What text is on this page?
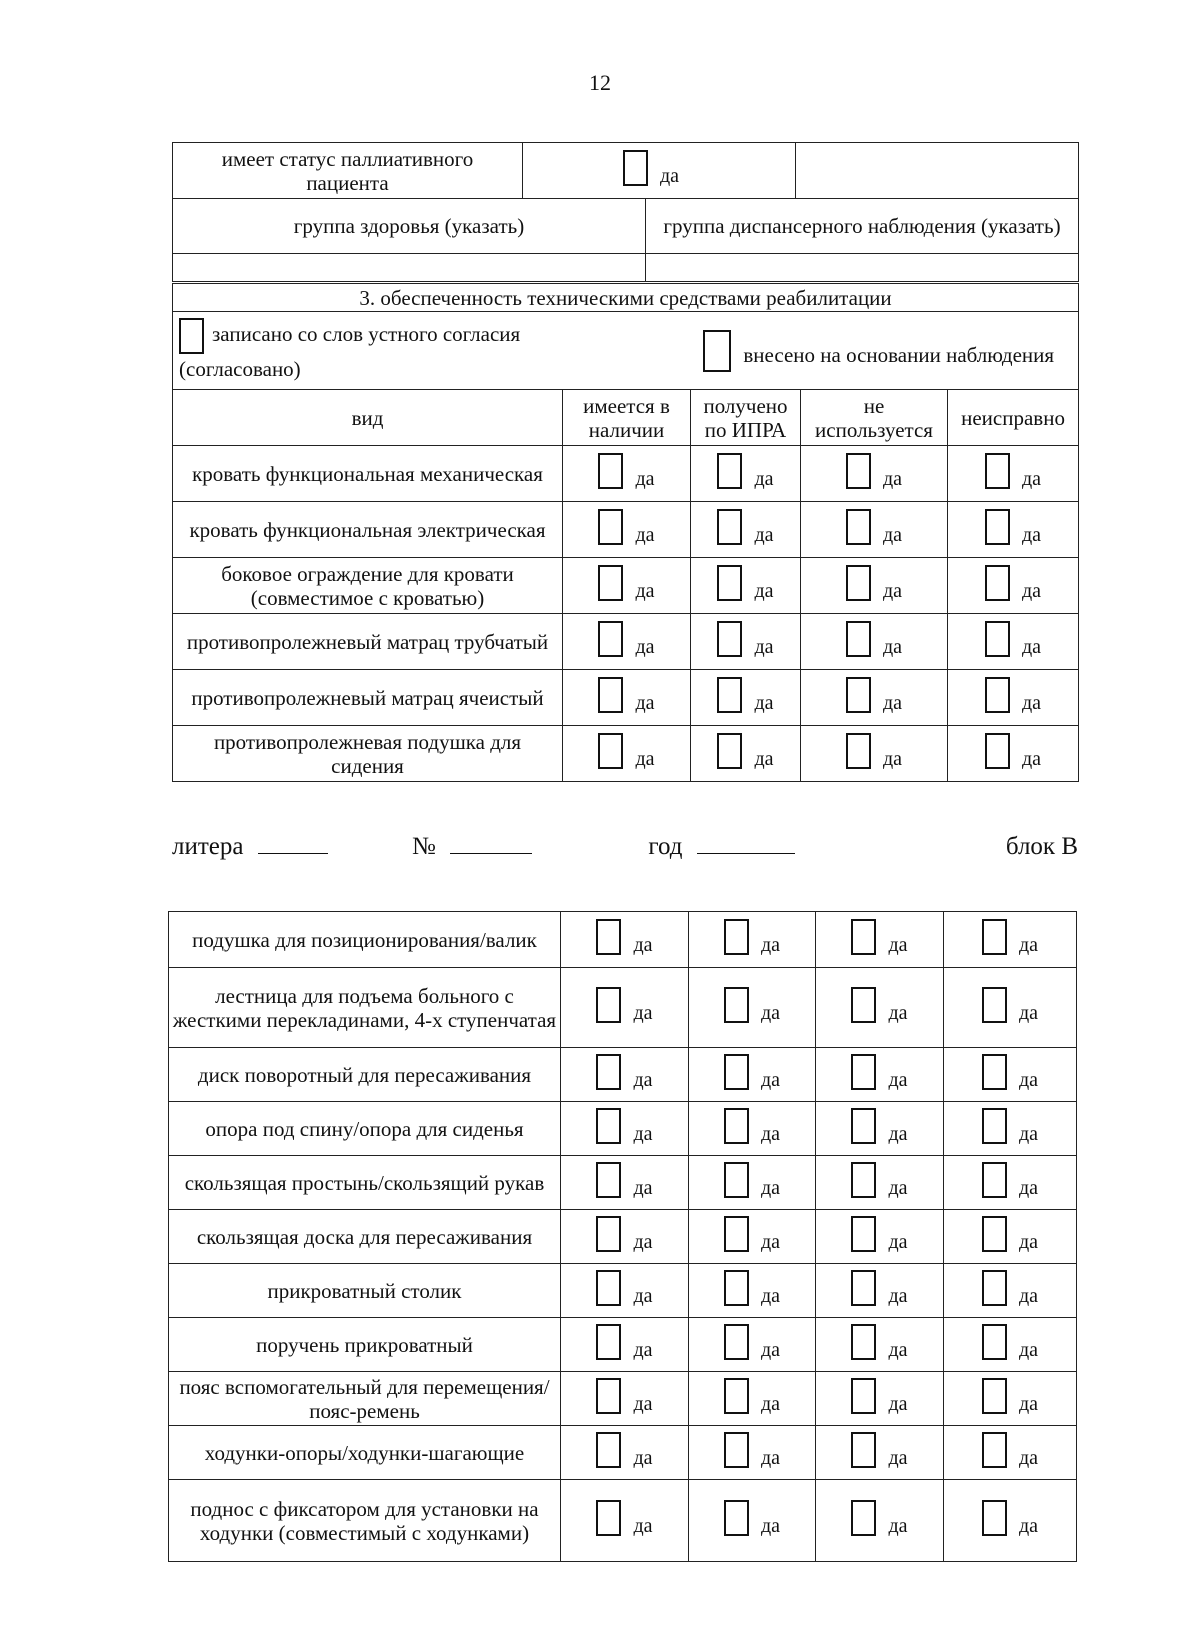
12
имеет статус паллиативного пациента	да		

группа здоровья (указать)		группа диспансерного наблюдения (указать)	

3. обеспеченность техническими средствами реабилитации				

записано со слов устного согласия (согласовано)
внесено на основании наблюдения				

вид	имеется в наличии	получено по ИПРА	не используется	неисправно
кровать функциональная механическая	да	да	да	да

кровать функциональная электрическая	да	да	да	да

боковое ограждение для кровати (совместимое с кроватью)	да	да	да	да

противопролежневый матрац трубчатый	да	да	да	да

противопролежневый матрац ячеистый	да	да	да	да

противопролежневая подушка для сидения	да	да	да	да
литера	№	год	блок В
подушка для позиционирования/валик	да	да	да	да

лестница для подъема больного с жесткими перекладинами, 4-х ступенчатая	да	да	да	да

диск поворотный для пересаживания	да	да	да	да

опора под спину/опора для сиденья	да	да	да	да

скользящая простынь/скользящий рукав	да	да	да	да

скользящая доска для пересаживания	да	да	да	да

прикроватный столик	да	да	да	да

поручень прикроватный	да	да	да	да

пояс вспомогательный для перемещения/пояс-ремень	да	да	да	да

ходунки-опоры/ходунки-шагающие	да	да	да	да

поднос с фиксатором для установки на ходунки (совместимый с ходунками)	да	да	да	да
